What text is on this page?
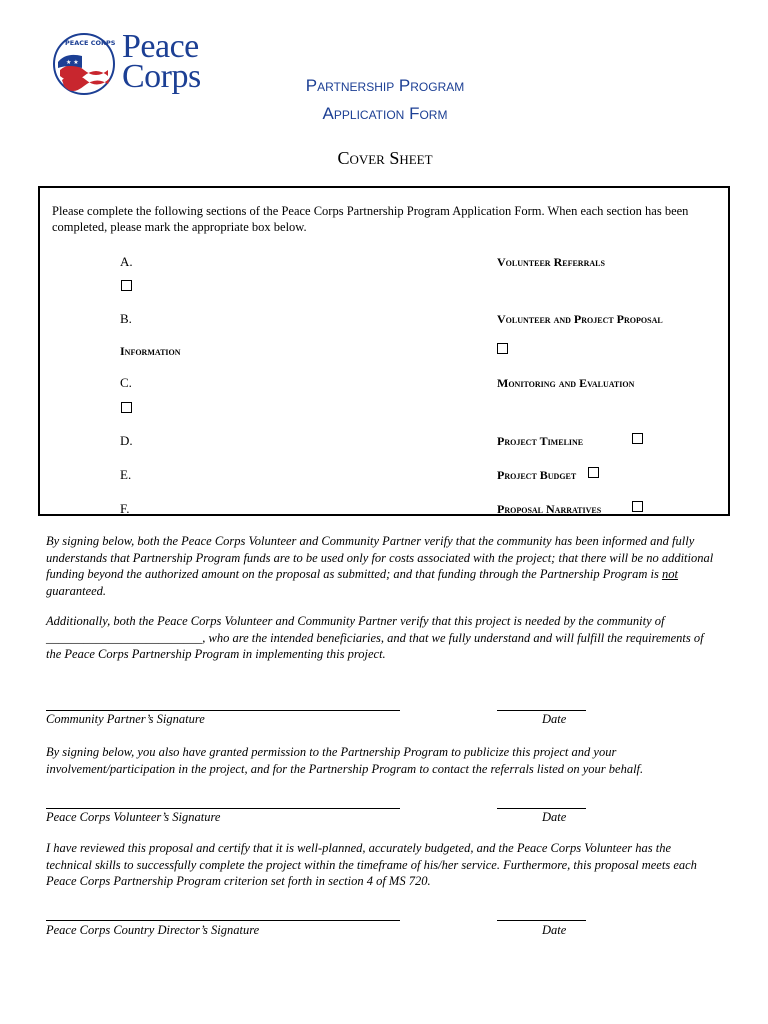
★ ★
PEACE CORPS Peace
Corps	Partnership Program
Application Form
Cover Sheet
Please complete the following sections of the Peace Corps Partnership Program Application Form. When each section has been completed, please mark the appropriate box below.
A.	Volunteer Referrals
B.	Volunteer and Project Proposal
Information
C.	Monitoring and Evaluation
D.	Project Timeline
E.	Project Budget
F.	Proposal Narratives
By signing below, both the Peace Corps Volunteer and Community Partner verify that the community has been informed and fully understands that Partnership Program funds are to be used only for costs associated with the project; that there will be no additional funding beyond the authorized amount on the proposal as submitted; and that funding through the Partnership Program is not guaranteed.
Additionally, both the Peace Corps Volunteer and Community Partner verify that this project is needed by the community of
_________________________, who are the intended beneficiaries, and that we fully understand and will fulfill the requirements of the Peace Corps Partnership Program in implementing this project.
Community Partner’s Signature	Date
By signing below, you also have granted permission to the Partnership Program to publicize this project and your involvement/participation in the project, and for the Partnership Program to contact the referrals listed on your behalf.
Peace Corps Volunteer’s Signature	Date
I have reviewed this proposal and certify that it is well-planned, accurately budgeted, and the Peace Corps Volunteer has the technical skills to successfully complete the project within the timeframe of his/her service. Furthermore, this proposal meets each Peace Corps Partnership Program criterion set forth in section 4 of MS 720.
Peace Corps Country Director’s Signature	Date
